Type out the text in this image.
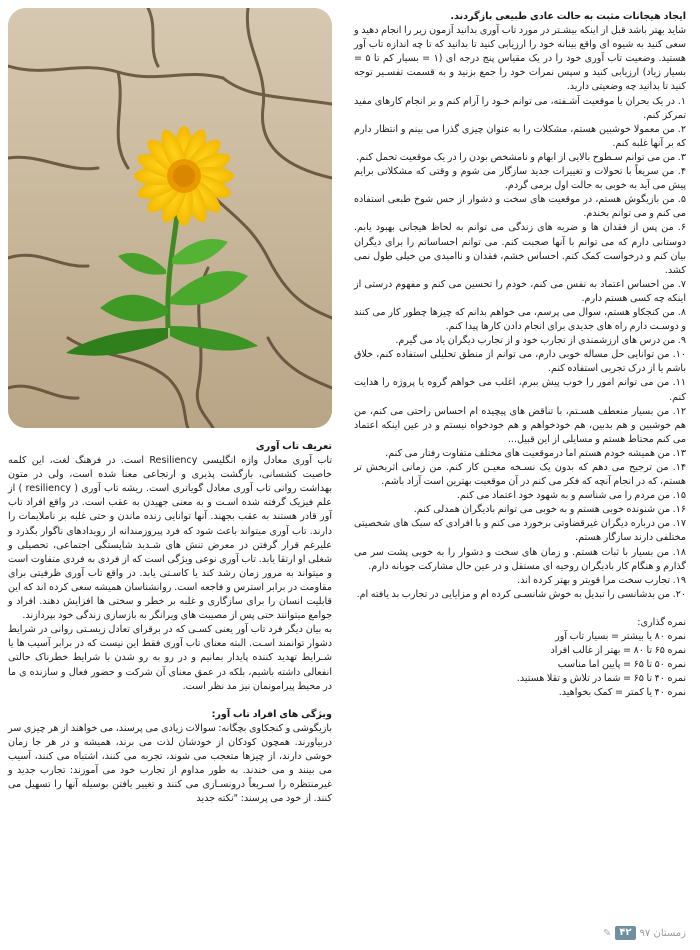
ایجاد هیجانات مثبت به حالت عادی طبیعی بازگردند.

شاید بهتر باشد قبل از اینکه بیشـتر در مورد تاب آوری بدانید آزمون زیر را انجام دهید و سعی کنید به شیوه ای واقع بینانه خود را ارزیابی کنید تا بدانید که تا چه اندازه تاب آور هستید. وضعیت تاب آوری خود را در یک مقیاس پنج درجه ای (۱ = بسیار کم تا ۵ = بسیار زیاد) ارزیابی کنید و سپس نمرات خود را جمع بزنید و به قسمت تفسـیر توجه کنید تا بدانید چه وضعیتی دارید.

۱. در یک بحران یا موقعیت آشـفته، می توانم خـود را آرام کنم و بر انجام کارهای مفید تمرکز کنم.

۲. من معمولا خوشبین هستم، مشکلات را به عنوان چیزی گذرا می بینم و انتظار دارم که بر آنها غلبه کنم.

۳. من می توانم سـطوح بالایی از ابهام و نامشخص بودن را در یک موقعیت تحمل کنم.

۴. من سریعاً با تحولات و تغییرات جدید سازگار می شوم و وقتی که مشکلاتی برایم پیش می آید به خوبی به حالت اول برمی گردم.

۵. من بازیگوش هستم، در موقعیت های سخت و دشوار از حس شوخ طبعی استفاده می کنم و می توانم بخندم.

۶. من پس از فقدان ها و ضربه های زندگی می توانم به لحاظ هیجانی بهبود یابم. دوستانی دارم که می توانم با آنها صحبت کنم. می توانم احساساتم را برای دیگران بیان کنم و درخواست کمک کنم. احساس خشم، فقدان و ناامیدی من خیلی طول نمی کشد.

۷. من احساس اعتماد به نفس می کنم، خودم را تحسین می کنم و مفهوم درستی از اینکه چه کسی هستم دارم.

۸. من کنجکاو هستم، سوال می پرسم، می خواهم بدانم که چیزها چطور کار می کنند و دوسـت دارم راه های جدیدی برای انجام دادن کارها پیدا کنم.

۹. من درس های ارزشمندی از تجارب خود و از تجارب دیگران یاد می گیرم.

۱۰. من توانایی حل مساله خوبی دارم، می توانم از منطق تحلیلی استفاده کنم، خلاق باشم یا از درک تجربی استفاده کنم.

۱۱. من می توانم امور را خوب پیش ببرم، اغلب می خواهم گروه یا پروژه را هدایت کنم.

۱۲. من بسیار منعطف هسـتم، با تناقض های پیچیده ام احساس راحتی می کنم، من هم خوشبین و هم بدبین، هم خودخواهم و هم خودخواه نیستم و در عین اینکه اعتماد می کنم محتاط هستم و مسایلی از این قبیل...

۱۳. من همیشه خودم هستم اما درموقعیت های مختلف متفاوت رفتار می کنم.

۱۴. من ترجیح می دهم که بدون یک نسـخه معیـن کار کنم. من زمانی اثربخش تر هستم، که در انجام آنچه که فکر می کنم در آن موقعیت بهترین است آزاد باشم.

۱۵. من مردم را می شناسم و به شهود خود اعتماد می کنم.

۱۶. من شنونده خوبی هستم و به خوبی می توانم بادیگران همدلی کنم.

۱۷. من درباره دیگران غیرقضاوتی برخورد می کنم و با افرادی که سبک های شخصیتی مختلفی دارند سازگار هستم.

۱۸. من بسیار با ثبات هستم. و زمان های سخت و دشوار را به خوبی پشت سر می گذارم و هنگام کار بادیگران روحیه ای مستقل و در عین حال مشارکت جویانه دارم.

۱۹. تجارب سخت مرا قویتر و بهتر کرده اند.

۲۰. من بدشانسی را تبدیل به خوش شانسـی کرده ام و مزایایی در تجارب بد یافته ام.

نمره گذاری:

نمره ۸۰ یا بیشتر = بسیار تاب آور

نمره ۶۵ تا ۸۰ = بهتر از غالب افراد

نمره ۵۰ تا ۶۵ = پایین اما مناسب

نمره ۴۰ تا ۶۵ = شما در تلاش و تقلا هستید.

نمره ۴۰ یا کمتر = کمک بخواهید.

تعریف تاب آوری

تاب آوری معادل واژه انگلیسی Resiliency است. در فرهنگ لغت، این کلمه خاصیت کشسانی، بازگشت پذیری و ارتجاعی معنا شده است، ولی در متون بهداشت روانی تاب آوری معادل گویاتری است. ریشه تاب آوری ( resiliency ) از علم فیزیک گرفته شده اسـت و به معنی جهیدن به عقب است. در واقع افراد تاب آور قادر هستند به عقب بجهند. آنها توانایی زنده ماندن و حتی غلبه بر ناملایمات را دارند. تاب آوری میتواند باعث شود که فرد پیروزمندانه از رویدادهای ناگوار بگذرد و علیرغم قرار گرفتن در معرض تنش های شـدید شایستگی اجتماعی، تحصیلی و شغلی او ارتقا یابد. تاب آوری نوعی ویژگی است که از فردی به فردی متفاوت است و میتواند به مرور زمان رشد کند یا کاسـتی یابد. در واقع تاب آوری ظرفیتی برای مقاومت در برابر استرس و فاجعه است. روانشناسان همیشه سعی کرده اند که این قابلیت انسان را برای سازگاری و غلبه بر خطر و سختی ها افزایش دهند. افراد و جوامع میتوانند حتی پس از مصیبت های ویرانگر به بازسازی زندگی خود بپردازند.

به بیان دیگر فرد تاب آور یعنی کسـی که در برقرای تعادل زیسـتی روانی در شرایط دشوار توانمند اسـت. البته معنای تاب آوری فقط این نیست که در برابر آسیب ها یا شـرایط تهدید کننده پایدار بمانیم و در رو به رو شدن با شرایط خطرناک حالتی انفعالی داشته باشیم، بلکه در عمق معنای آن شرکت و حضور فعال و سازنده ی ما در محیط پیرامونمان نیز مد نظر است.

ویژگی های افراد تاب آور:

بازیگوشی و کنجکاوی بچگانه: سوالات زیادی می پرسند، می خواهند از هر چیزی سر دربیاورند. همچون کودکان از خودشان لذت می برند، همیشه و در هر جا زمان خوشی دارند، از چیزها متعجب می شوند، تجربه می کنند، اشتباه می کنند، آسیب می بینند و می خندند. به طور مداوم از تجارب خود می آموزند: تجارب جدید و غیرمنتظره را سـریعاً درونسـازی می کنند و تغییر یافتن بوسیله آنها را تسهیل می کنند. از خود می پرسند: "نکته جدید

زمستان ۹۷
۴۲
✎
